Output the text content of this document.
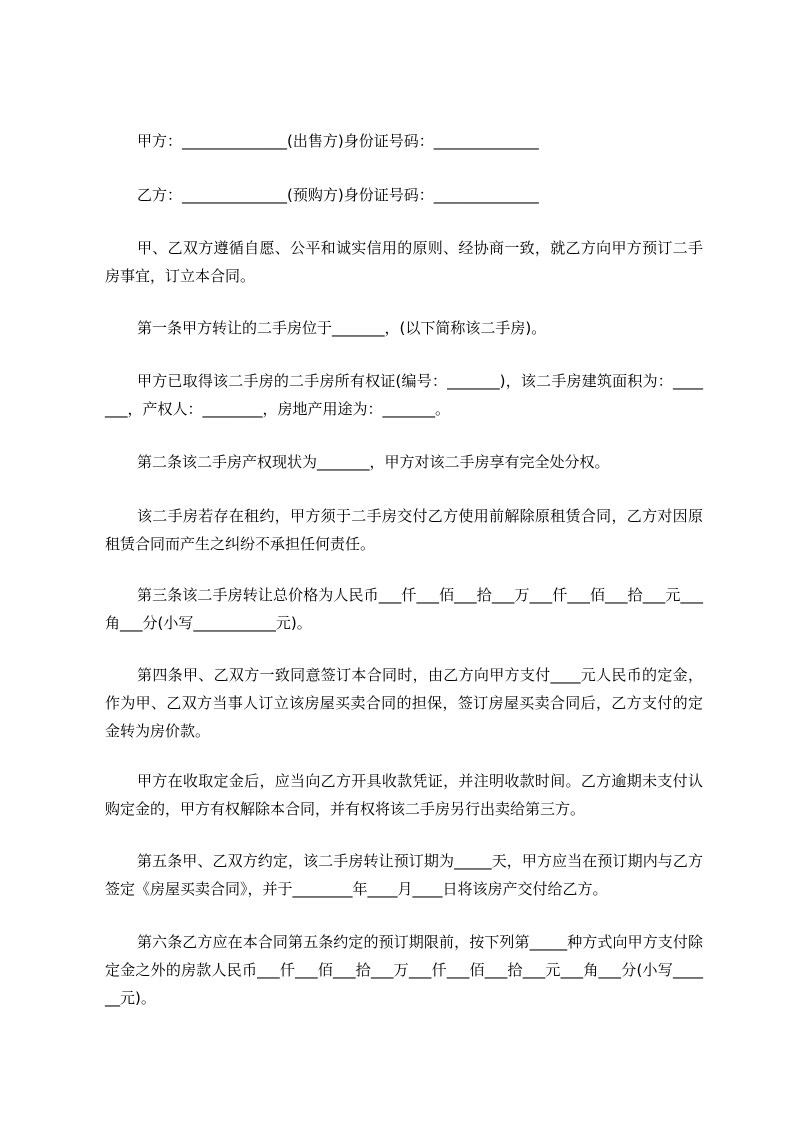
甲方：______________(出售方)身份证号码：______________

乙方：______________(预购方)身份证号码：______________

甲、乙双方遵循自愿、公平和诚实信用的原则、经协商一致，就乙方向甲方预订二手房事宜，订立本合同。

第一条甲方转让的二手房位于_______，(以下简称该二手房)。

甲方已取得该二手房的二手房所有权证(编号：_______)，该二手房建筑面积为：_______，产权人：________，房地产用途为：_______。

第二条该二手房产权现状为_______，甲方对该二手房享有完全处分权。

该二手房若存在租约，甲方须于二手房交付乙方使用前解除原租赁合同，乙方对因原租赁合同而产生之纠纷不承担任何责任。

第三条该二手房转让总价格为人民币___仟___佰___拾___万___仟___佰___拾___元___角___分(小写___________元)。

第四条甲、乙双方一致同意签订本合同时，由乙方向甲方支付____元人民币的定金，作为甲、乙双方当事人订立该房屋买卖合同的担保，签订房屋买卖合同后，乙方支付的定金转为房价款。

甲方在收取定金后，应当向乙方开具收款凭证，并注明收款时间。乙方逾期未支付认购定金的，甲方有权解除本合同，并有权将该二手房另行出卖给第三方。

第五条甲、乙双方约定，该二手房转让预订期为_____天，甲方应当在预订期内与乙方签定《房屋买卖合同》，并于________年____月____日将该房产交付给乙方。

第六条乙方应在本合同第五条约定的预订期限前，按下列第_____种方式向甲方支付除定金之外的房款人民币___仟___佰___拾___万___仟___佰___拾___元___角___分(小写______元)。
